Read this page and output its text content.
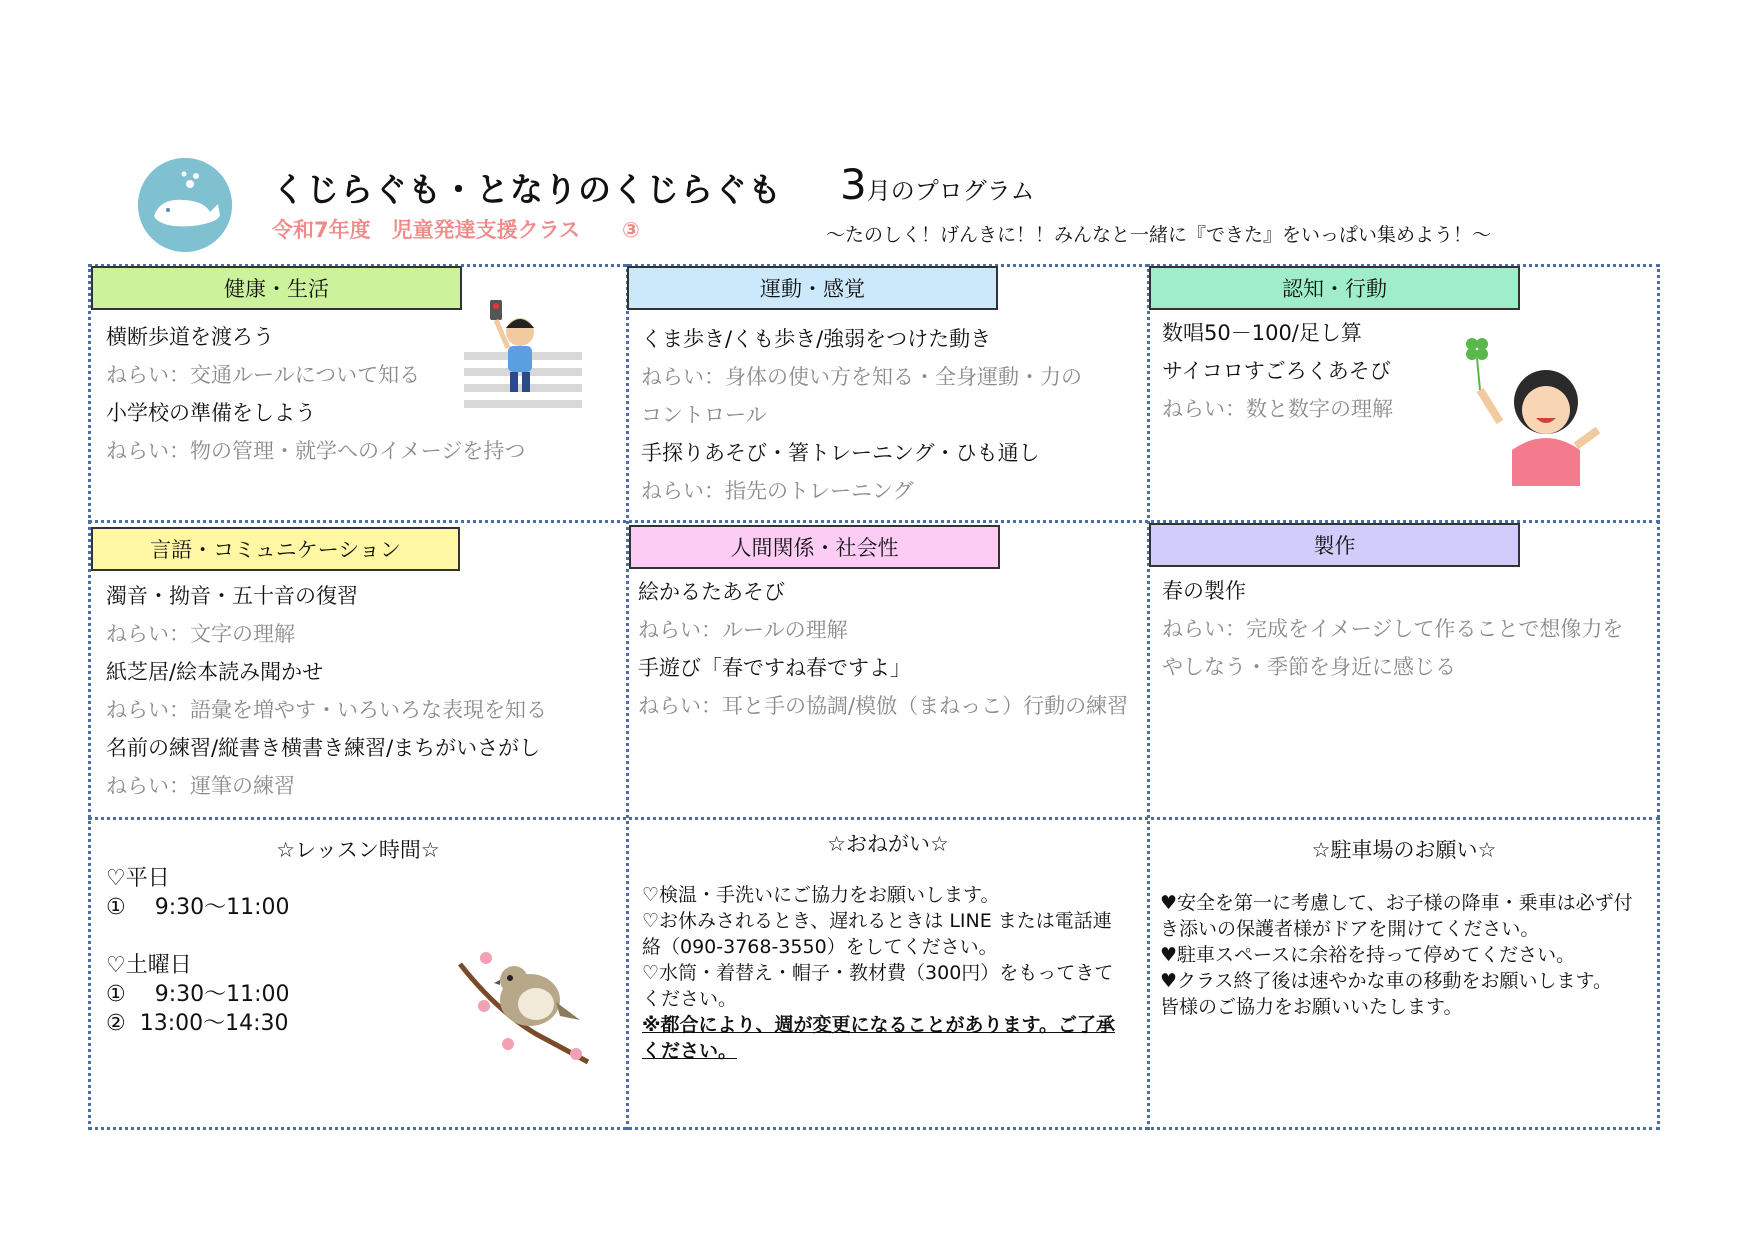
くじらぐも・となりのくじらぐも
令和7年度　児童発達支援クラス　　③
3月のプログラム
～たのしく！げんきに！！みんなと一緒に『できた』をいっぱい集めよう！～
健康・生活	運動・感覚	認知・行動
言語・コミュニケーション	人間関係・社会性	製作
横断歩道を渡ろう
ねらい：交通ルールについて知る
小学校の準備をしよう
ねらい：物の管理・就学へのイメージを持つ
くま歩き/くも歩き/強弱をつけた動き
ねらい：身体の使い方を知る・全身運動・力の
コントロール
手探りあそび・箸トレーニング・ひも通し
ねらい：指先のトレーニング
数唱50－100/足し算
サイコロすごろくあそび
ねらい：数と数字の理解
濁音・拗音・五十音の復習
ねらい：文字の理解
紙芝居/絵本読み聞かせ
ねらい：語彙を増やす・いろいろな表現を知る
名前の練習/縦書き横書き練習/まちがいさがし
ねらい：運筆の練習
絵かるたあそび
ねらい：ルールの理解
手遊び「春ですね春ですよ」
ねらい：耳と手の協調/模倣（まねっこ）行動の練習
春の製作
ねらい：完成をイメージして作ることで想像力を
やしなう・季節を身近に感じる
☆レッスン時間☆
♡平日
①　 9:30～11:00

♡土曜日
①　 9:30～11:00
②  13:00～14:30
☆おねがい☆
♡検温・手洗いにご協力をお願いします。
♡お休みされるとき、遅れるときは LINE または電話連絡（090-3768-3550）をしてください。
♡水筒・着替え・帽子・教材費（300円）をもってきてください。
※都合により、週が変更になることがあります。ご了承ください。
☆駐車場のお願い☆
♥安全を第一に考慮して、お子様の降車・乗車は必ず付き添いの保護者様がドアを開けてください。
♥駐車スペースに余裕を持って停めてください。
♥クラス終了後は速やかな車の移動をお願いします。
皆様のご協力をお願いいたします。
